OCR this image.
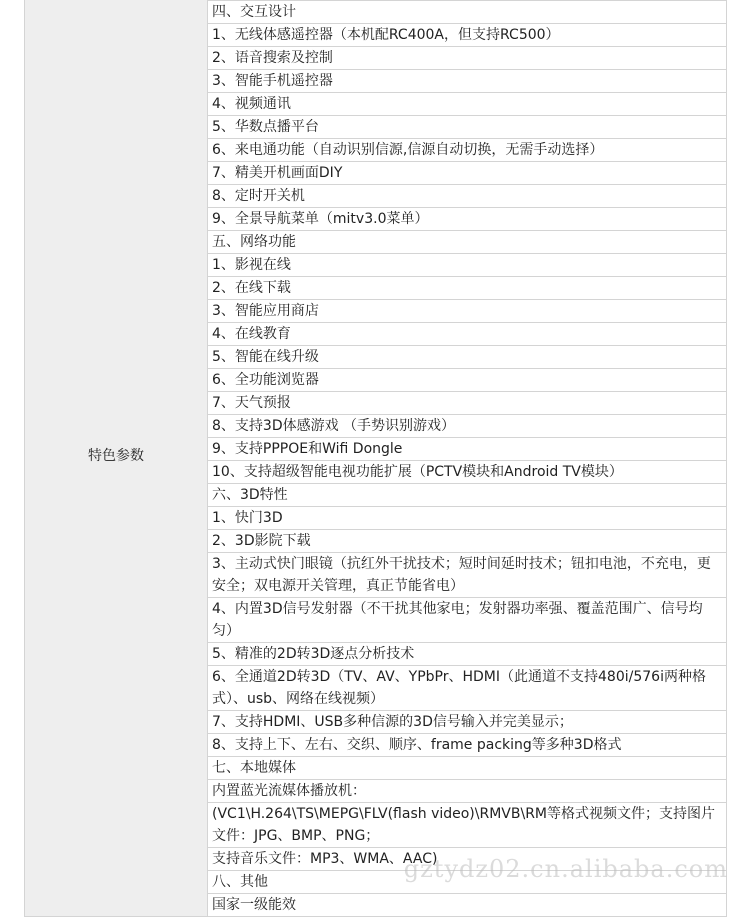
特色参数	
四、交互设计
1、无线体感遥控器（本机配RC400A，但支持RC500）
2、语音搜索及控制
3、智能手机遥控器
4、视频通讯
5、华数点播平台
6、来电通功能（自动识别信源,信源自动切换，无需手动选择）
7、精美开机画面DIY
8、定时开关机
9、全景导航菜单（mitv3.0菜单）
五、网络功能
1、影视在线
2、在线下载
3、智能应用商店
4、在线教育
5、智能在线升级
6、全功能浏览器
7、天气预报
8、支持3D体感游戏 （手势识别游戏）
9、支持PPPOE和Wifi Dongle
10、支持超级智能电视功能扩展（PCTV模块和Android TV模块）
六、3D特性
1、快门3D
2、3D影院下载
3、主动式快门眼镜（抗红外干扰技术；短时间延时技术；钮扣电池，不充电，更安全；双电源开关管理，真正节能省电）
4、内置3D信号发射器（不干扰其他家电；发射器功率强、覆盖范围广、信号均匀）
5、精准的2D转3D逐点分析技术
6、全通道2D转3D（TV、AV、YPbPr、HDMI（此通道不支持480i/576i两种格式）、usb、网络在线视频）
7、支持HDMI、USB多种信源的3D信号输入并完美显示；
8、支持上下、左右、交织、顺序、frame packing等多种3D格式
七、本地媒体
内置蓝光流媒体播放机：
(VC1\H.264\TS\MEPG\FLV(flash video)\RMVB\RM等格式视频文件；支持图片文件：JPG、BMP、PNG；
支持音乐文件：MP3、WMA、AAC)
八、其他
国家一级能效
gztydz02.cn.alibaba.com
